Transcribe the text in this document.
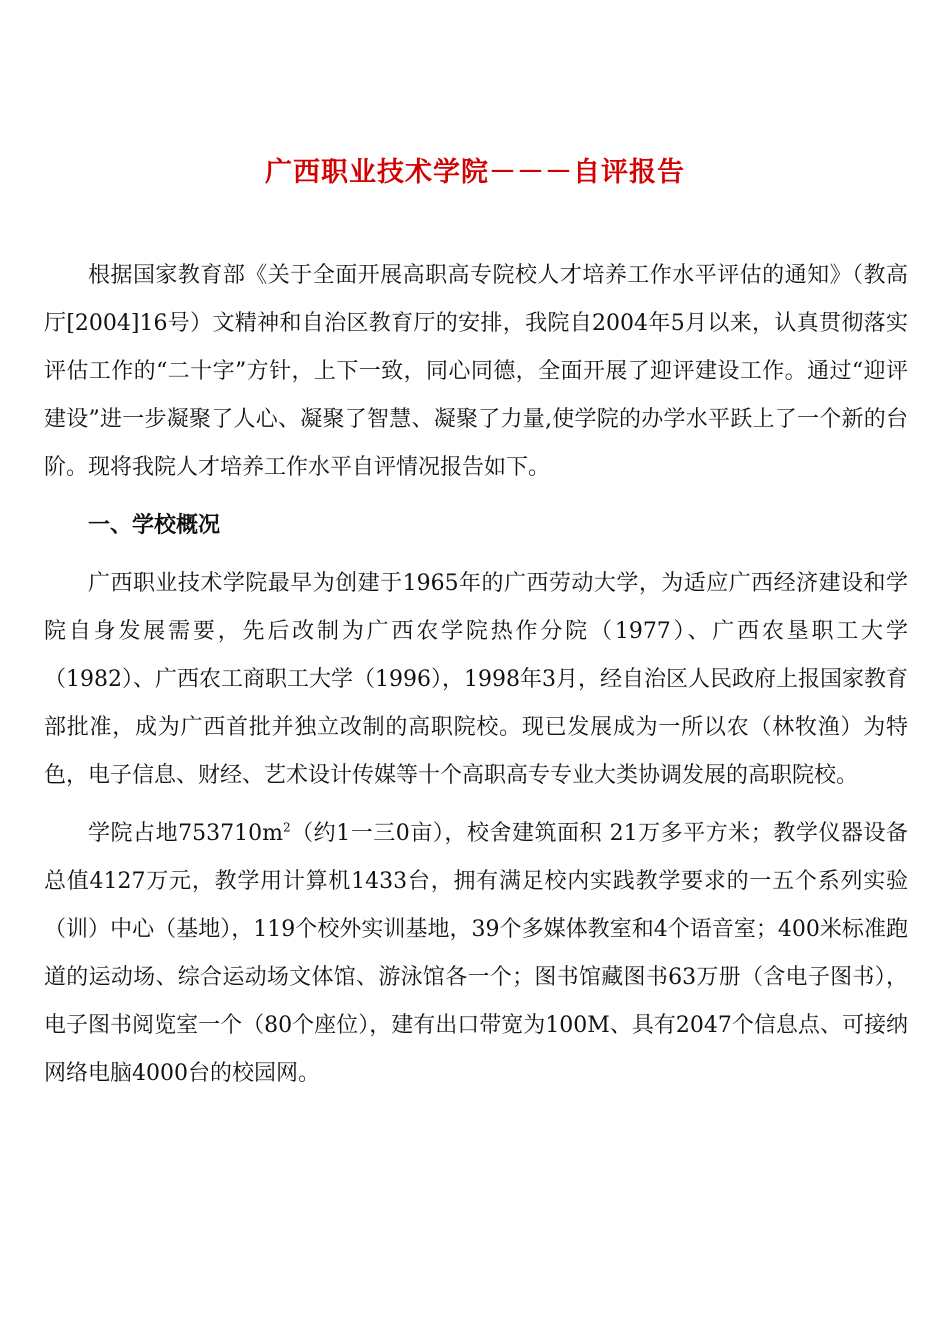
广西职业技术学院－－－自评报告

根据国家教育部《关于全面开展高职高专院校人才培养工作水平评估的通知》（教高厅[2004]16号）文精神和自治区教育厅的安排，我院自2004年5月以来，认真贯彻落实评估工作的“二十字”方针，上下一致，同心同德，全面开展了迎评建设工作。通过“迎评建设”进一步凝聚了人心、凝聚了智慧、凝聚了力量,使学院的办学水平跃上了一个新的台阶。现将我院人才培养工作水平自评情况报告如下。

一、学校概况

广西职业技术学院最早为创建于1965年的广西劳动大学，为适应广西经济建设和学院自身发展需要，先后改制为广西农学院热作分院（1977）、广西农垦职工大学（1982）、广西农工商职工大学（1996），1998年3月，经自治区人民政府上报国家教育部批准，成为广西首批并独立改制的高职院校。现已发展成为一所以农（林牧渔）为特色，电子信息、财经、艺术设计传媒等十个高职高专专业大类协调发展的高职院校。

学院占地$753710m^2$（约1一三0亩），校舍建筑面积 21万多平方米；教学仪器设备总值4127万元，教学用计算机1433台，拥有满足校内实践教学要求的一五个系列实验（训）中心（基地），119个校外实训基地，39个多媒体教室和4个语音室；400米标准跑道的运动场、综合运动场文体馆、游泳馆各一个；图书馆藏图书63万册（含电子图书），电子图书阅览室一个（80个座位），建有出口带宽为100M、具有2047个信息点、可接纳网络电脑4000台的校园网。
